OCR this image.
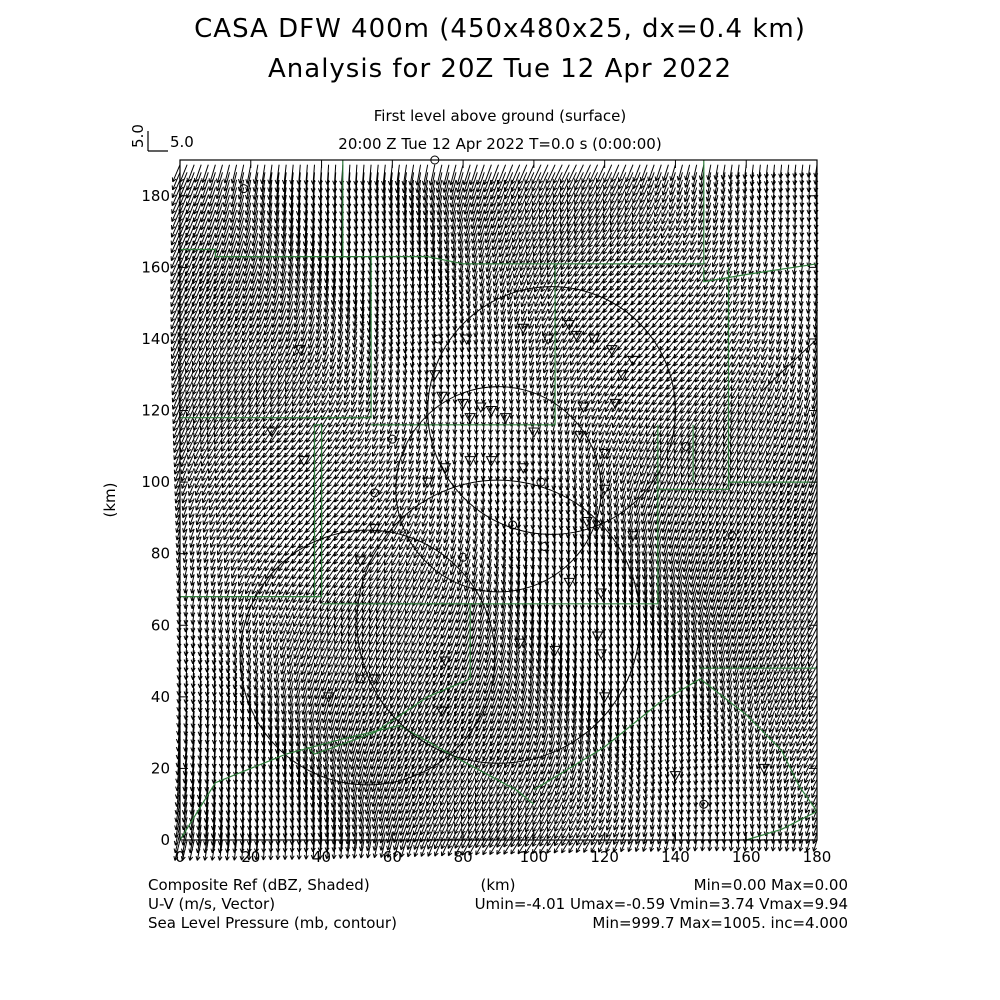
CASA DFW 400m (450x480x25, dx=0.4 km)
Analysis for 20Z Tue 12 Apr 2022
First level above ground (surface)
20:00 Z Tue 12 Apr 2022 T=0.0 s (0:00:00)
0	20	40	60	80	100	120	140	160	180
0
20
40
60
80
100
120
140
160
180
5.0 5.0
(km)
(km)
Composite Ref (dBZ, Shaded)	Min=0.00 Max=0.00
U-V (m/s, Vector)	Umin=-4.01 Umax=-0.59 Vmin=3.74 Vmax=9.94
Sea Level Pressure (mb, contour)	Min=999.7 Max=1005. inc=4.000
